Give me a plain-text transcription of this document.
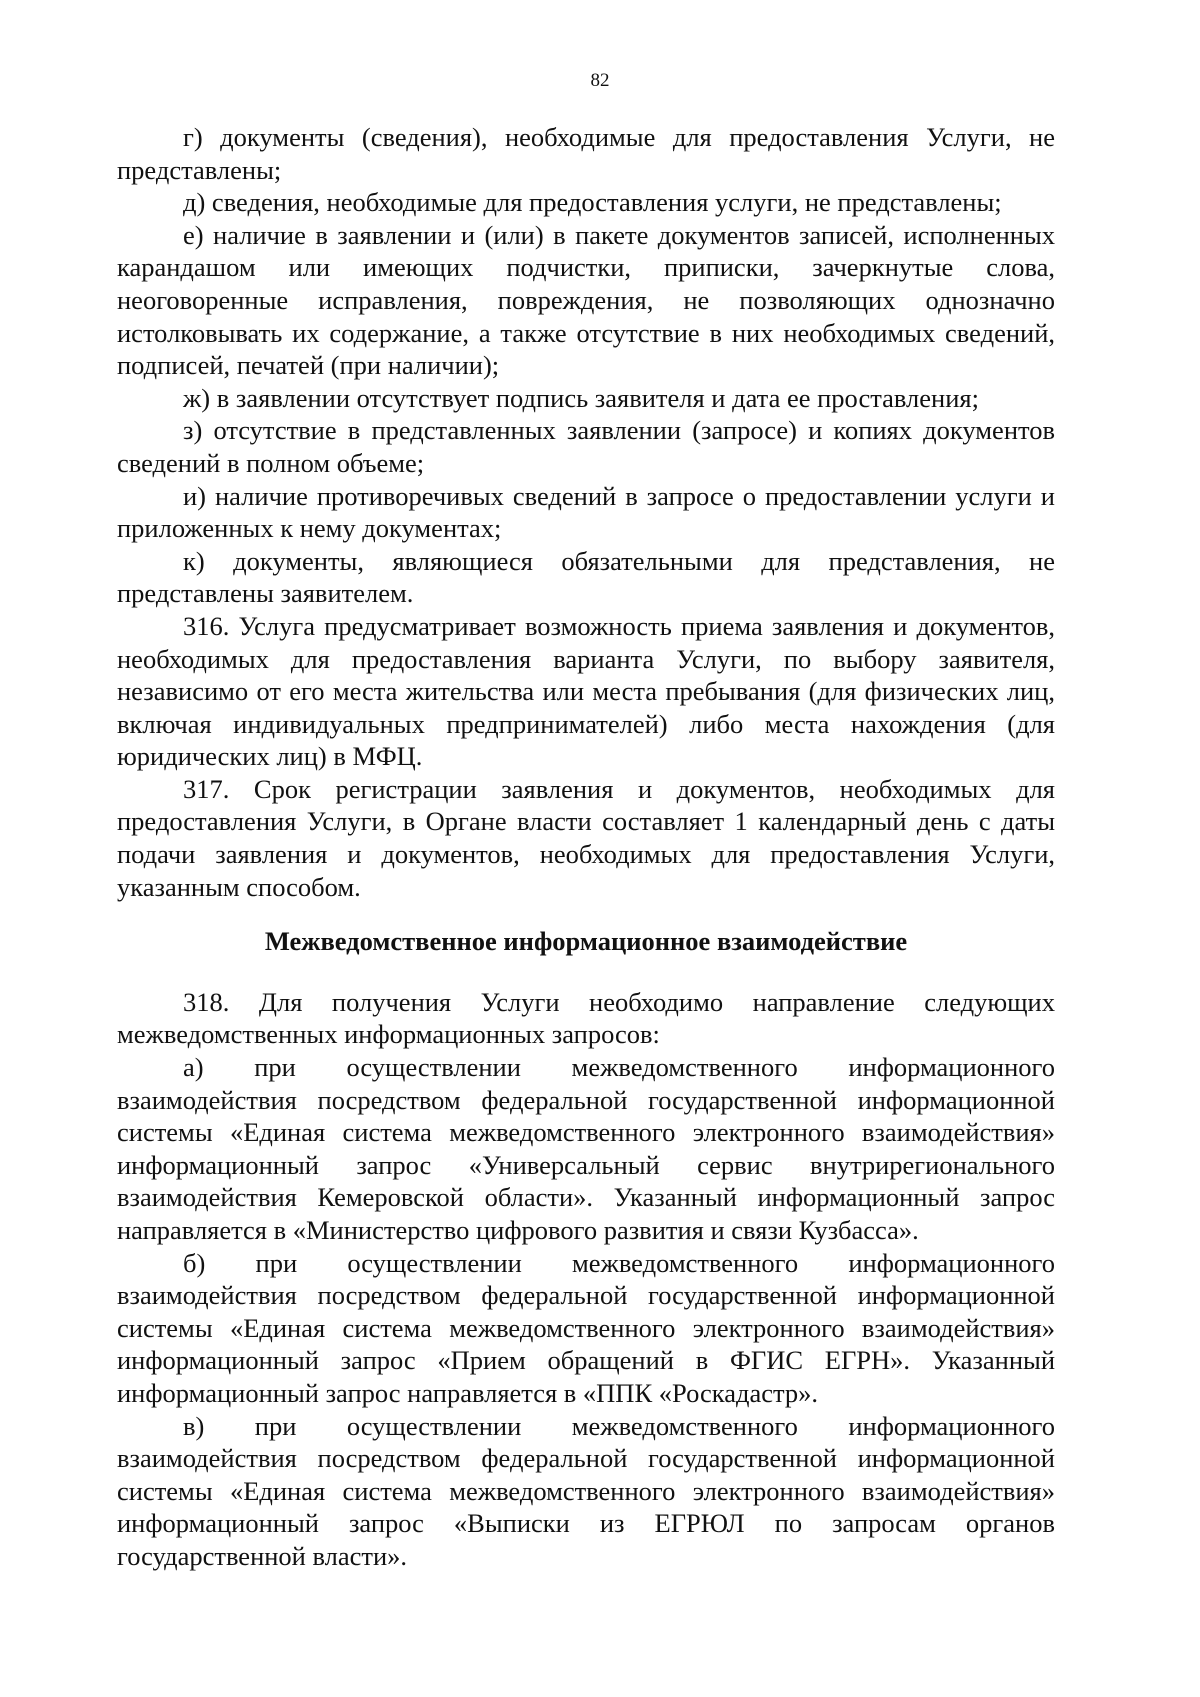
82

г) документы (сведения), необходимые для предоставления Услуги, не представлены;

д) сведения, необходимые для предоставления услуги, не представлены;

е) наличие в заявлении и (или) в пакете документов записей, исполненных карандашом или имеющих подчистки, приписки, зачеркнутые слова, неоговоренные исправления, повреждения, не позволяющих однозначно истолковывать их содержание, а также отсутствие в них необходимых сведений, подписей, печатей (при наличии);

ж) в заявлении отсутствует подпись заявителя и дата ее проставления;

з) отсутствие в представленных заявлении (запросе) и копиях документов сведений в полном объеме;

и) наличие противоречивых сведений в запросе о предоставлении услуги и приложенных к нему документах;

к) документы, являющиеся обязательными для представления, не представлены заявителем.

316. Услуга предусматривает возможность приема заявления и документов, необходимых для предоставления варианта Услуги, по выбору заявителя, независимо от его места жительства или места пребывания (для физических лиц, включая индивидуальных предпринимателей) либо места нахождения (для юридических лиц) в МФЦ.

317. Срок регистрации заявления и документов, необходимых для предоставления Услуги, в Органе власти составляет 1 календарный день с даты подачи заявления и документов, необходимых для предоставления Услуги, указанным способом.

Межведомственное информационное взаимодействие

318. Для получения Услуги необходимо направление следующих межведомственных информационных запросов:

а) при осуществлении межведомственного информационного взаимодействия посредством федеральной государственной информационной системы «Единая система межведомственного электронного взаимодействия» информационный запрос «Универсальный сервис внутрирегионального взаимодействия Кемеровской области». Указанный информационный запрос направляется в «Министерство цифрового развития и связи Кузбасса».

б) при осуществлении межведомственного информационного взаимодействия посредством федеральной государственной информационной системы «Единая система межведомственного электронного взаимодействия» информационный запрос «Прием обращений в ФГИС ЕГРН». Указанный информационный запрос направляется в «ППК «Роскадастр».

в) при осуществлении межведомственного информационного взаимодействия посредством федеральной государственной информационной системы «Единая система межведомственного электронного взаимодействия» информационный запрос «Выписки из ЕГРЮЛ по запросам органов государственной власти».
